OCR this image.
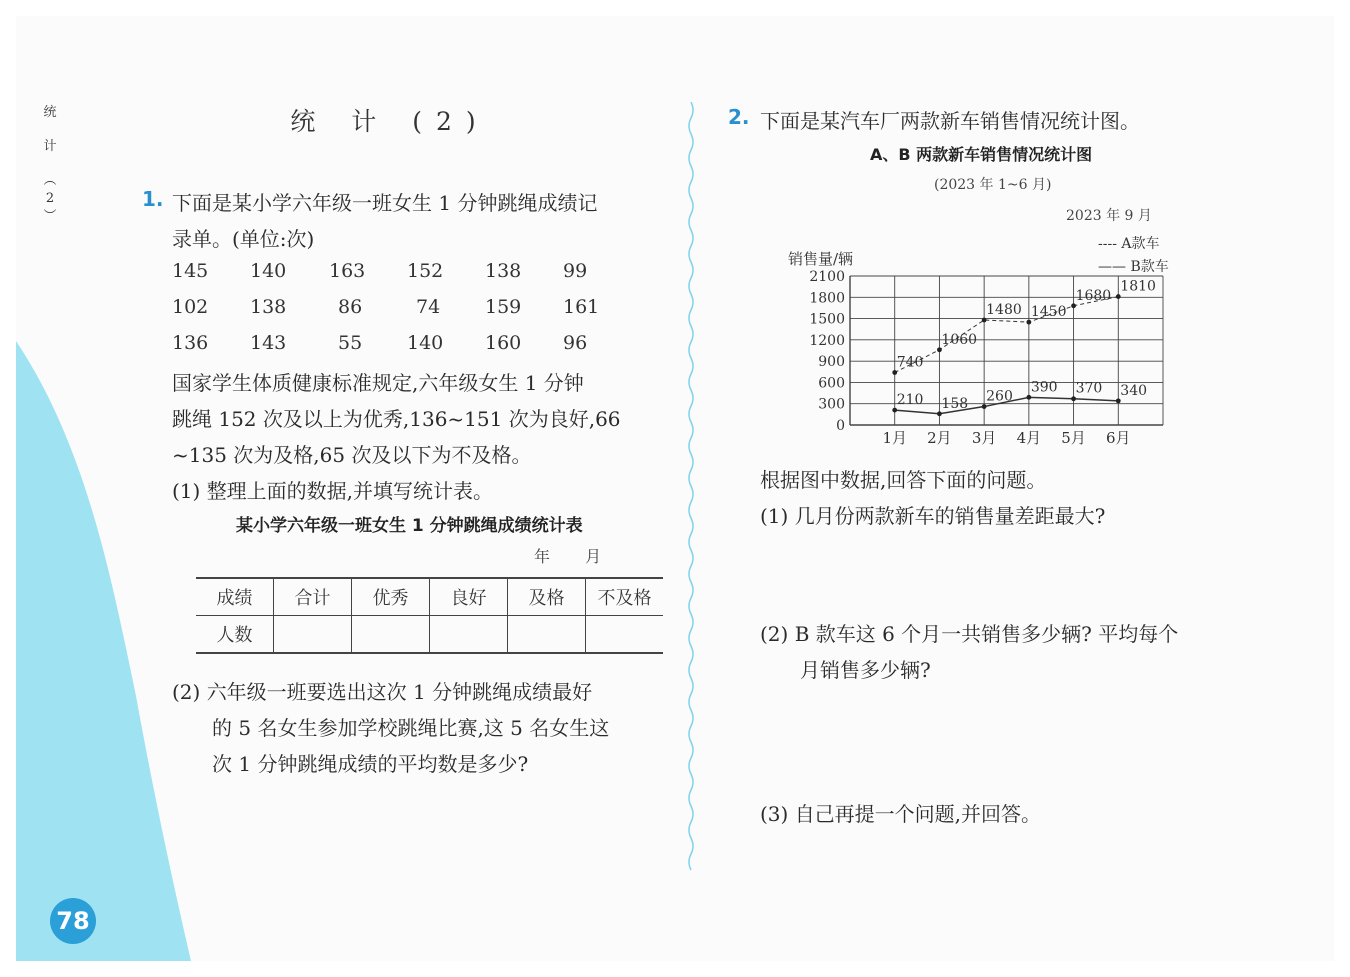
统
计
︵
2
︶
78
统 计 (2)
1. 下面是某小学六年级一班女生 1 分钟跳绳成绩记
录单。(单位:次)
145 140 163 152 138 99
102 138	86	74 159 161
136 143	55 140 160 96
国家学生体质健康标准规定,六年级女生 1 分钟
跳绳 152 次及以上为优秀,136~151 次为良好,66
~135 次为及格,65 次及以下为不及格。
(1) 整理上面的数据,并填写统计表。
某小学六年级一班女生 1 分钟跳绳成绩统计表
年 月
成绩	合计	优秀	良好	及格	不及格
人数					
(2) 六年级一班要选出这次 1 分钟跳绳成绩最好
的 5 名女生参加学校跳绳比赛,这 5 名女生这
次 1 分钟跳绳成绩的平均数是多少?
2. 下面是某汽车厂两款新车销售情况统计图。
A、B 两款新车销售情况统计图
(2023 年 1~6 月)
2023 年 9 月
0
300
600
900
1200
1500
1800
2100
1月 2月 3月 4月 5月 6月
销售量/辆
740
1060
1480 1450
1680
1810
210 158 260
390 370 340
---- A款车
—— B款车
根据图中数据,回答下面的问题。
(1) 几月份两款新车的销售量差距最大?
(2) B 款车这 6 个月一共销售多少辆? 平均每个
月销售多少辆?
(3) 自己再提一个问题,并回答。
